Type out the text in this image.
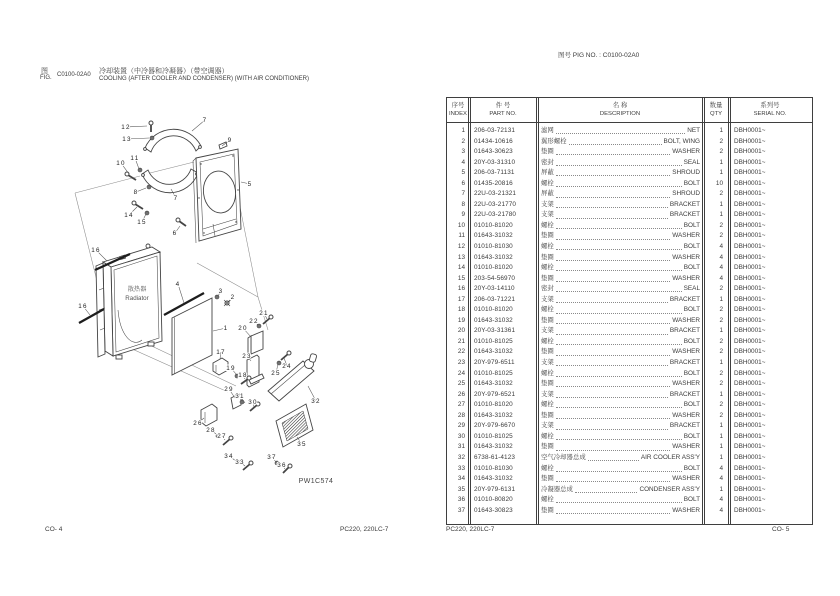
图
FIG. C0100-02A0 冷却装置（中冷器和冷凝器）（带空调器）
COOLING (AFTER COOLER AND CONDENSER) (WITH AIR CONDITIONER)
散热器
Radiator
12
13
7
9
10
11
8
7
5
14
15
6
16
16
4
3
2
1
21
22
20
17
23
19
18
24
25
29
31
30	32
26
28
27
35
34
33
37
36
PW1C574
CO- 4	PC220, 220LC-7
图号 PIG NO. : C0100-02A0
序号
INDEX
件 号
PART NO.
名 称
DESCRIPTION
数量
QTY
系列号
SERIAL NO.
1	206-03-72131	滤网	NET	1	DBH0001~
2	01434-10616	翼形螺栓	BOLT, WING	2	DBH0001~
3	01643-30623	垫圈	WASHER	2	DBH0001~
4	20Y-03-31310	密封	SEAL	1	DBH0001~
5	206-03-71131	屏蔽	SHROUD	1	DBH0001~
6	01435-20816	螺栓	BOLT	10	DBH0001~
7	22U-03-21321	屏蔽	SHROUD	2	DBH0001~
8	22U-03-21770	支架	BRACKET	1	DBH0001~
9	22U-03-21780	支架	BRACKET	1	DBH0001~
10	01010-81020	螺栓	BOLT	2	DBH0001~
11	01643-31032	垫圈	WASHER	2	DBH0001~
12	01010-81030	螺栓	BOLT	4	DBH0001~
13	01643-31032	垫圈	WASHER	4	DBH0001~
14	01010-81020	螺栓	BOLT	4	DBH0001~
15	203-54-56970	垫圈	WASHER	4	DBH0001~
16	20Y-03-14110	密封	SEAL	2	DBH0001~
17	206-03-71221	支架	BRACKET	1	DBH0001~
18	01010-81020	螺栓	BOLT	2	DBH0001~
19	01643-31032	垫圈	WASHER	2	DBH0001~
20	20Y-03-31361	支架	BRACKET	1	DBH0001~
21	01010-81025	螺栓	BOLT	2	DBH0001~
22	01643-31032	垫圈	WASHER	2	DBH0001~
23	20Y-979-6511	支架	BRACKET	1	DBH0001~
24	01010-81025	螺栓	BOLT	2	DBH0001~
25	01643-31032	垫圈	WASHER	2	DBH0001~
26	20Y-979-6521	支架	BRACKET	1	DBH0001~
27	01010-81020	螺栓	BOLT	2	DBH0001~
28	01643-31032	垫圈	WASHER	2	DBH0001~
29	20Y-979-6670	支架	BRACKET	1	DBH0001~
30	01010-81025	螺栓	BOLT	1	DBH0001~
31	01643-31032	垫圈	WASHER	1	DBH0001~
32	6738-61-4123	空气冷却器总成	AIR COOLER ASS'Y	1	DBH0001~
33	01010-81030	螺栓	BOLT	4	DBH0001~
34	01643-31032	垫圈	WASHER	4	DBH0001~
35	20Y-979-6131	冷凝器总成	CONDENSER ASS'Y	1	DBH0001~
36	01010-80820	螺栓	BOLT	4	DBH0001~
37	01643-30823	垫圈	WASHER	4	DBH0001~
PC220, 220LC-7	CO- 5
